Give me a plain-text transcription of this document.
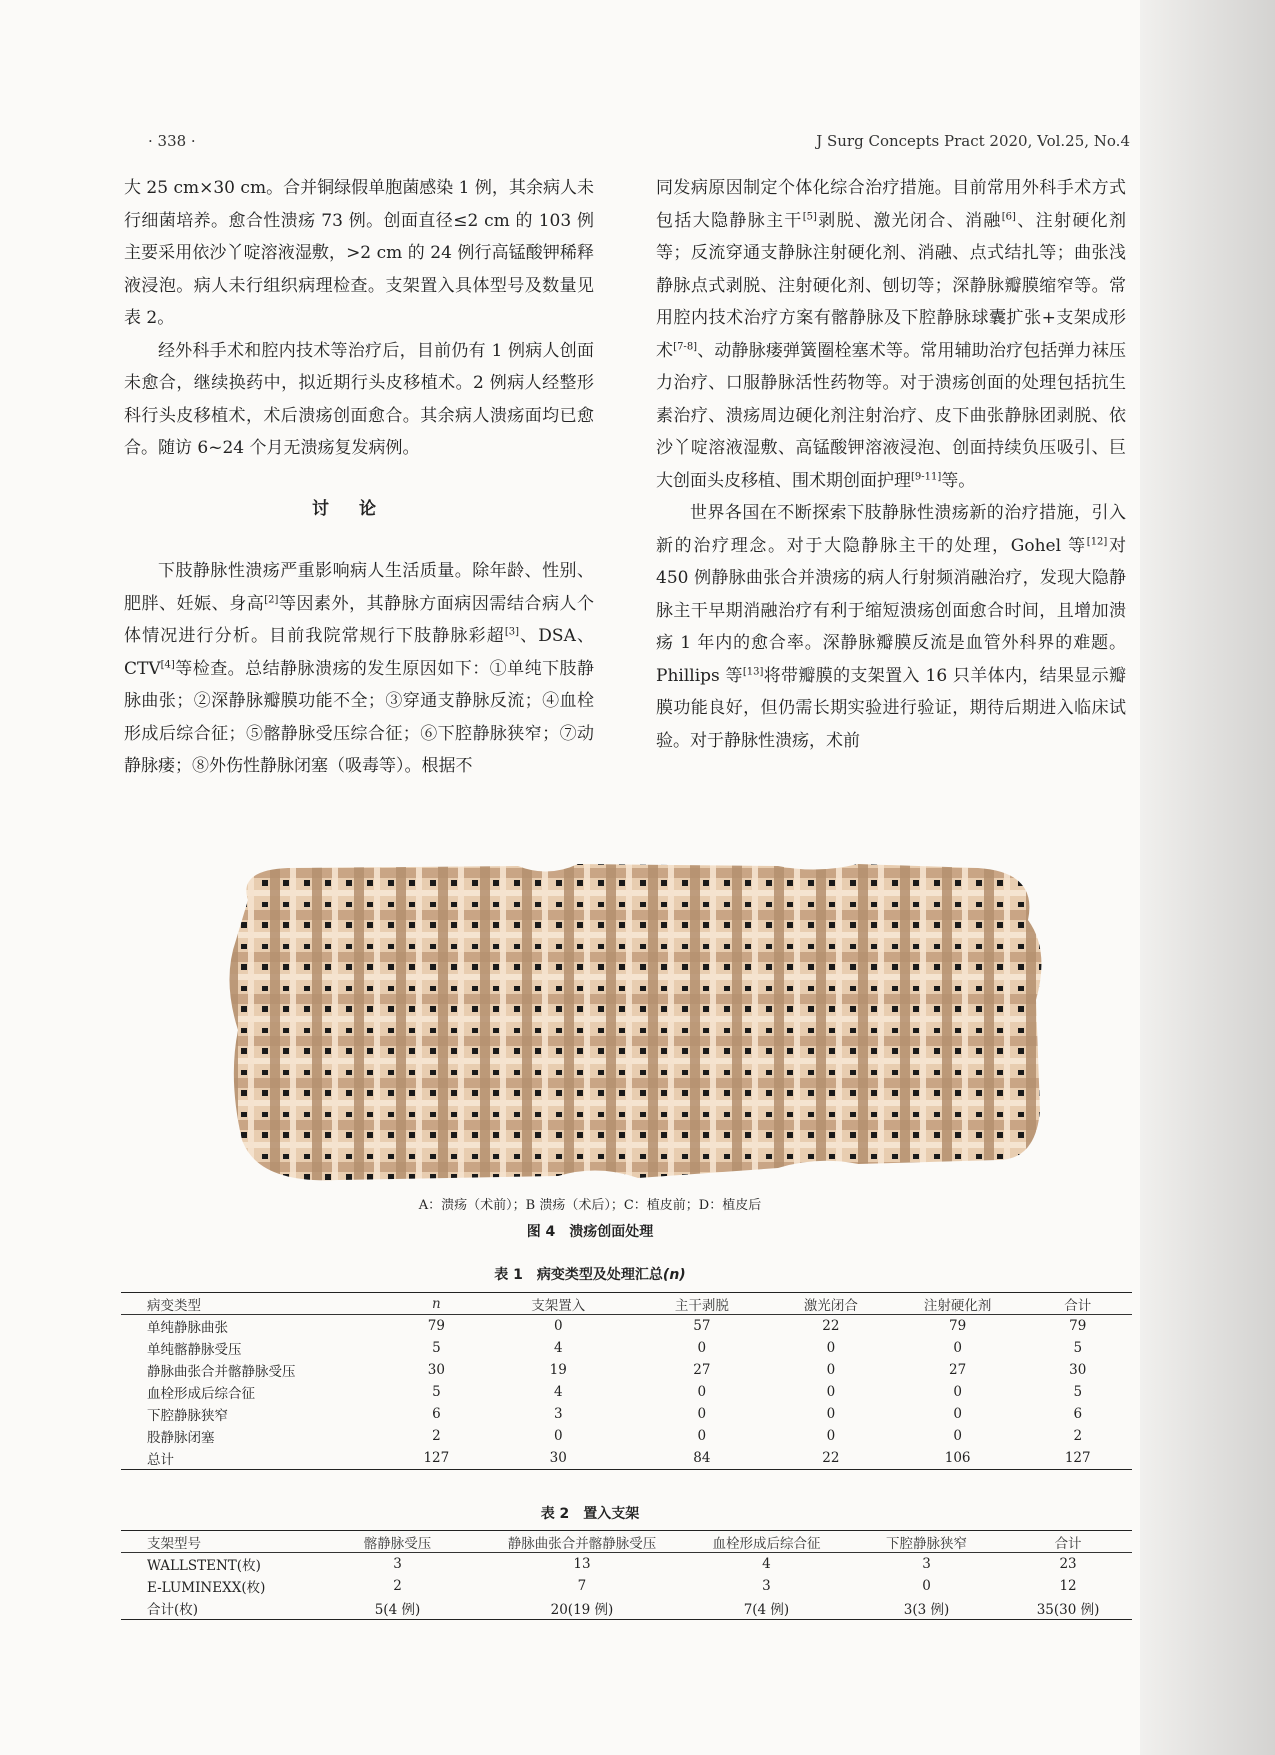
· 338 ·	J Surg Concepts Pract 2020, Vol.25, No.4

大 25 cm×30 cm。合并铜绿假单胞菌感染 1 例，其余病人未行细菌培养。愈合性溃疡 73 例。创面直径≤2 cm 的 103 例主要采用依沙丫啶溶液湿敷，>2 cm 的 24 例行高锰酸钾稀释液浸泡。病人未行组织病理检查。支架置入具体型号及数量见表 2。

经外科手术和腔内技术等治疗后，目前仍有 1 例病人创面未愈合，继续换药中，拟近期行头皮移植术。2 例病人经整形科行头皮移植术，术后溃疡创面愈合。其余病人溃疡面均已愈合。随访 6~24 个月无溃疡复发病例。

讨论

下肢静脉性溃疡严重影响病人生活质量。除年龄、性别、肥胖、妊娠、身高[2]等因素外，其静脉方面病因需结合病人个体情况进行分析。目前我院常规行下肢静脉彩超[3]、DSA、CTV[4]等检查。总结静脉溃疡的发生原因如下：①单纯下肢静脉曲张；②深静脉瓣膜功能不全；③穿通支静脉反流；④血栓形成后综合征；⑤髂静脉受压综合征；⑥下腔静脉狭窄；⑦动静脉瘘；⑧外伤性静脉闭塞（吸毒等）。根据不

同发病原因制定个体化综合治疗措施。目前常用外科手术方式包括大隐静脉主干[5]剥脱、激光闭合、消融[6]、注射硬化剂等；反流穿通支静脉注射硬化剂、消融、点式结扎等；曲张浅静脉点式剥脱、注射硬化剂、刨切等；深静脉瓣膜缩窄等。常用腔内技术治疗方案有髂静脉及下腔静脉球囊扩张+支架成形术[7-8]、动静脉瘘弹簧圈栓塞术等。常用辅助治疗包括弹力袜压力治疗、口服静脉活性药物等。对于溃疡创面的处理包括抗生素治疗、溃疡周边硬化剂注射治疗、皮下曲张静脉团剥脱、依沙丫啶溶液湿敷、高锰酸钾溶液浸泡、创面持续负压吸引、巨大创面头皮移植、围术期创面护理[9-11]等。

世界各国在不断探索下肢静脉性溃疡新的治疗措施，引入新的治疗理念。对于大隐静脉主干的处理，Gohel 等[12]对 450 例静脉曲张合并溃疡的病人行射频消融治疗，发现大隐静脉主干早期消融治疗有利于缩短溃疡创面愈合时间，且增加溃疡 1 年内的愈合率。深静脉瓣膜反流是血管外科界的难题。Phillips 等[13]将带瓣膜的支架置入 16 只羊体内，结果显示瓣膜功能良好，但仍需长期实验进行验证，期待后期进入临床试验。对于静脉性溃疡，术前

A：溃疡（术前）；B 溃疡（术后）；C：植皮前；D：植皮后
图 4　溃疡创面处理
表 1　病变类型及处理汇总(n)
病变类型	n	支架置入	主干剥脱	激光闭合	注射硬化剂	合计
单纯静脉曲张	79	0	57	22	79	79
单纯髂静脉受压	5	4	0	0	0	5
静脉曲张合并髂静脉受压	30	19	27	0	27	30
血栓形成后综合征	5	4	0	0	0	5
下腔静脉狭窄	6	3	0	0	0	6
股静脉闭塞	2	0	0	0	0	2
总计	127	30	84	22	106	127
表 2　置入支架
支架型号	髂静脉受压	静脉曲张合并髂静脉受压	血栓形成后综合征	下腔静脉狭窄	合计
WALLSTENT(枚)	3	13	4	3	23
E-LUMINEXX(枚)	2	7	3	0	12
合计(枚)	5(4 例)	20(19 例)	7(4 例)	3(3 例)	35(30 例)
